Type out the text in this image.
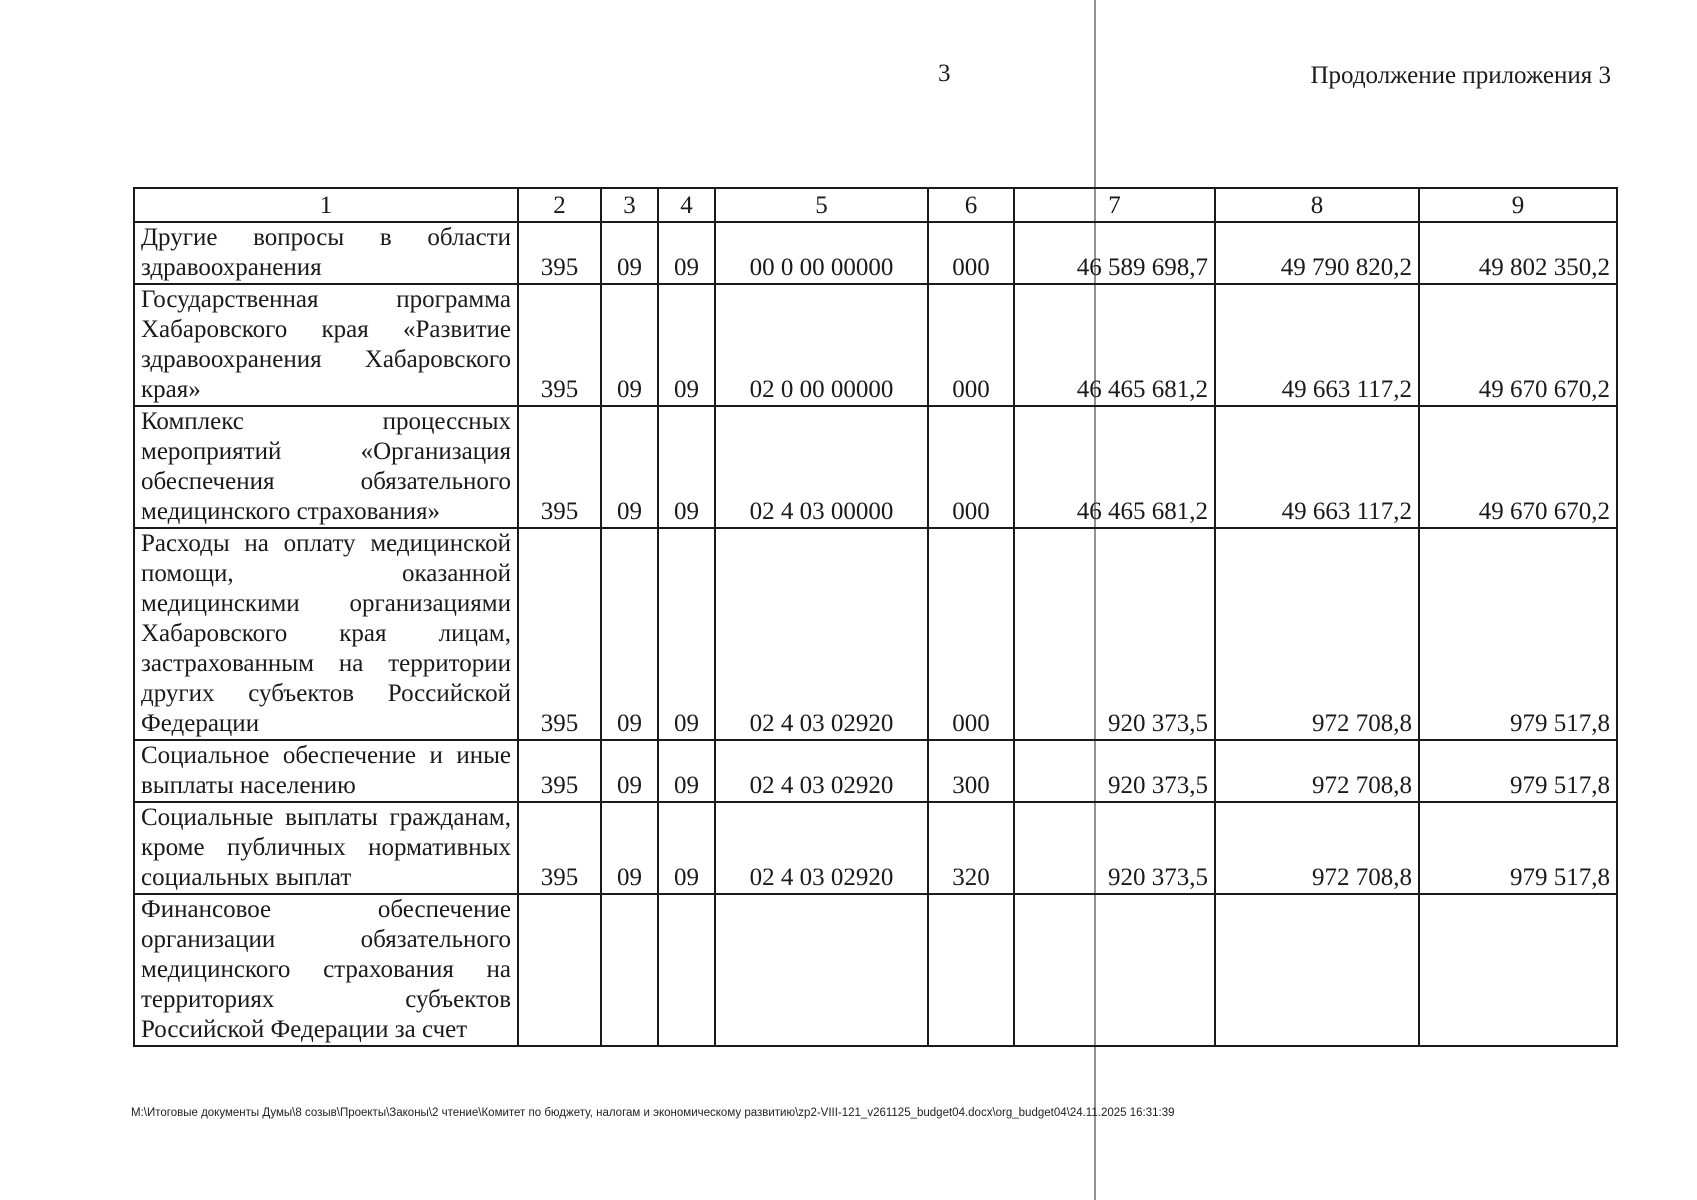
3	Продолжение приложения 3
1	2	3	4	5	6	7	8	9
Другие вопросы в области здравоохранения	395	09	09	00 0 00 00000	000	46 589 698,7	49 790 820,2	49 802 350,2
Государственная программа Хабаровского края «Развитие здравоохранения Хабаровского края»	395	09	09	02 0 00 00000	000	46 465 681,2	49 663 117,2	49 670 670,2
Комплекс процессных мероприятий «Организация обеспечения обязательного медицинского страхования»	395	09	09	02 4 03 00000	000	46 465 681,2	49 663 117,2	49 670 670,2
Расходы на оплату медицинской помощи, оказанной медицинскими организациями Хабаровского края лицам, застрахованным на территории других субъектов Российской Федерации	395	09	09	02 4 03 02920	000	920 373,5	972 708,8	979 517,8
Социальное обеспечение и иные выплаты населению	395	09	09	02 4 03 02920	300	920 373,5	972 708,8	979 517,8
Социальные выплаты гражданам, кроме публичных нормативных социальных выплат	395	09	09	02 4 03 02920	320	920 373,5	972 708,8	979 517,8
Финансовое обеспечение организации обязательного медицинского страхования на территориях субъектов Российской Федерации за счет								
M:\Итоговые документы Думы\8 созыв\Проекты\Законы\2 чтение\Комитет по бюджету, налогам и экономическому развитию\zp2-VIII-121_v261125_budget04.docx\org_budget04\24.11.2025 16:31:39
